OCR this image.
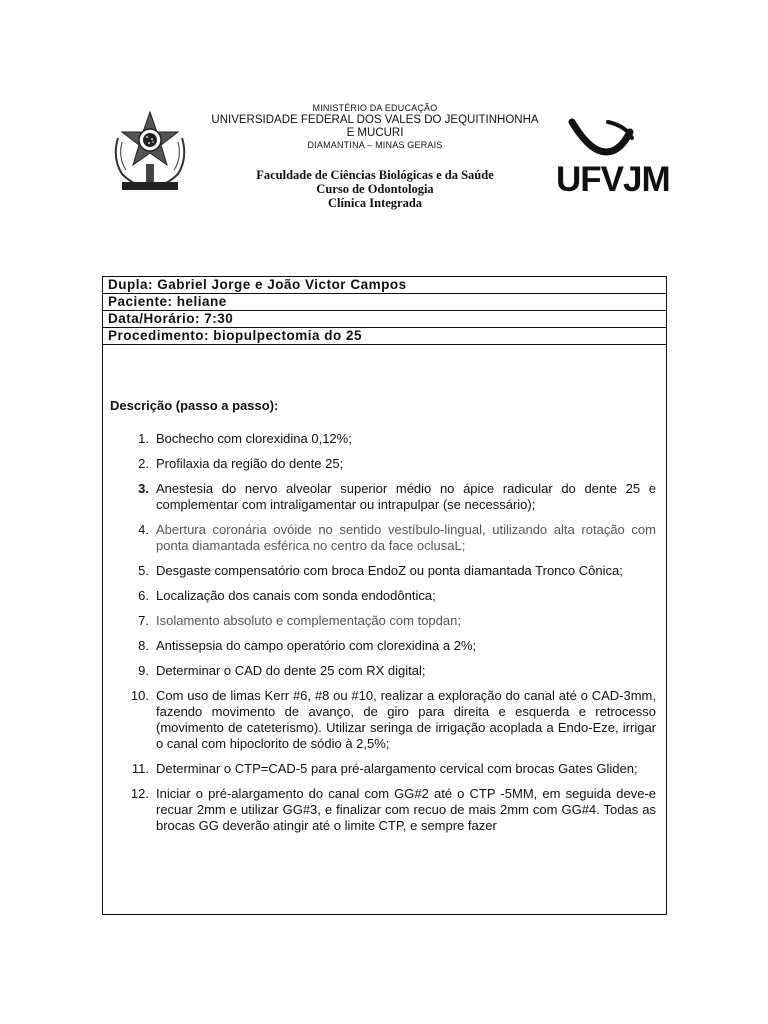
MINISTÉRIO DA EDUCAÇÃO
UNIVERSIDADE FEDERAL DOS VALES DO JEQUITINHONHA
E MUCURI
DIAMANTINA – MINAS GERAIS
Faculdade de Ciências Biológicas e da Saúde
Curso de Odontologia
Clínica Integrada
UFVJM
Dupla: Gabriel Jorge e João Victor Campos
Paciente: heliane
Data/Horário: 7:30
Procedimento: biopulpectomia do 25
Descrição (passo a passo):
1. Bochecho com clorexidina 0,12%;
2. Profilaxia da região do dente 25;
3. Anestesia do nervo alveolar superior médio no ápice radicular do dente 25 e complementar com intraligamentar ou intrapulpar (se necessário);
4. Abertura coronária ovóide no sentido vestíbulo-lingual, utilizando alta rotação com ponta diamantada esférica no centro da face oclusaL;
5. Desgaste compensatório com broca EndoZ ou ponta diamantada Tronco Cônica;
6. Localização dos canais com sonda endodôntica;
7. Isolamento absoluto e complementação com topdan;
8. Antissepsia do campo operatório com clorexidina a 2%;
9. Determinar o CAD do dente 25 com RX digital;
10. Com uso de limas Kerr #6, #8 ou #10, realizar a exploração do canal até o CAD-3mm, fazendo movimento de avanço, de giro para direita e esquerda e retrocesso (movimento de cateterismo). Utilizar seringa de irrigação acoplada a Endo-Eze, irrigar o canal com hipoclorito de sódio à 2,5%;
11. Determinar o CTP=CAD-5 para pré-alargamento cervical com brocas Gates Gliden;
12. Iniciar o pré-alargamento do canal com GG#2 até o CTP -5MM, em seguida deve-e recuar 2mm e utilizar GG#3, e finalizar com recuo de mais 2mm com GG#4. Todas as brocas GG deverão atingir até o limite CTP, e sempre fazer
